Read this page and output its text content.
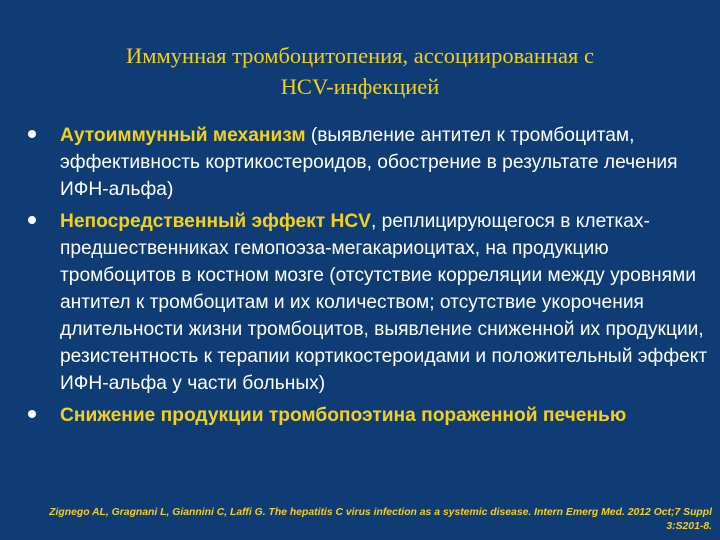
Иммунная тромбоцитопения, ассоциированная с
HCV-инфекцией
Аутоиммунный механизм (выявление антител к тромбоцитам, эффективность кортикостероидов, обострение в результате лечения ИФН-альфа)
Непосредственный эффект HCV, реплицирующегося в клетках-предшественниках гемопоэза-мегакариоцитах, на продукцию тромбоцитов в костном мозге (отсутствие корреляции между уровнями антител к тромбоцитам и их количеством; отсутствие укорочения длительности жизни тромбоцитов, выявление сниженной их продукции, резистентность к терапии кортикостероидами и положительный эффект ИФН-альфа у части больных)
Снижение продукции тромбопоэтина пораженной печенью
Zignego AL, Gragnani L, Giannini C, Laffi G. The hepatitis C virus infection as a systemic disease. Intern Emerg Med. 2012 Oct;7 Suppl 3:S201-8.
